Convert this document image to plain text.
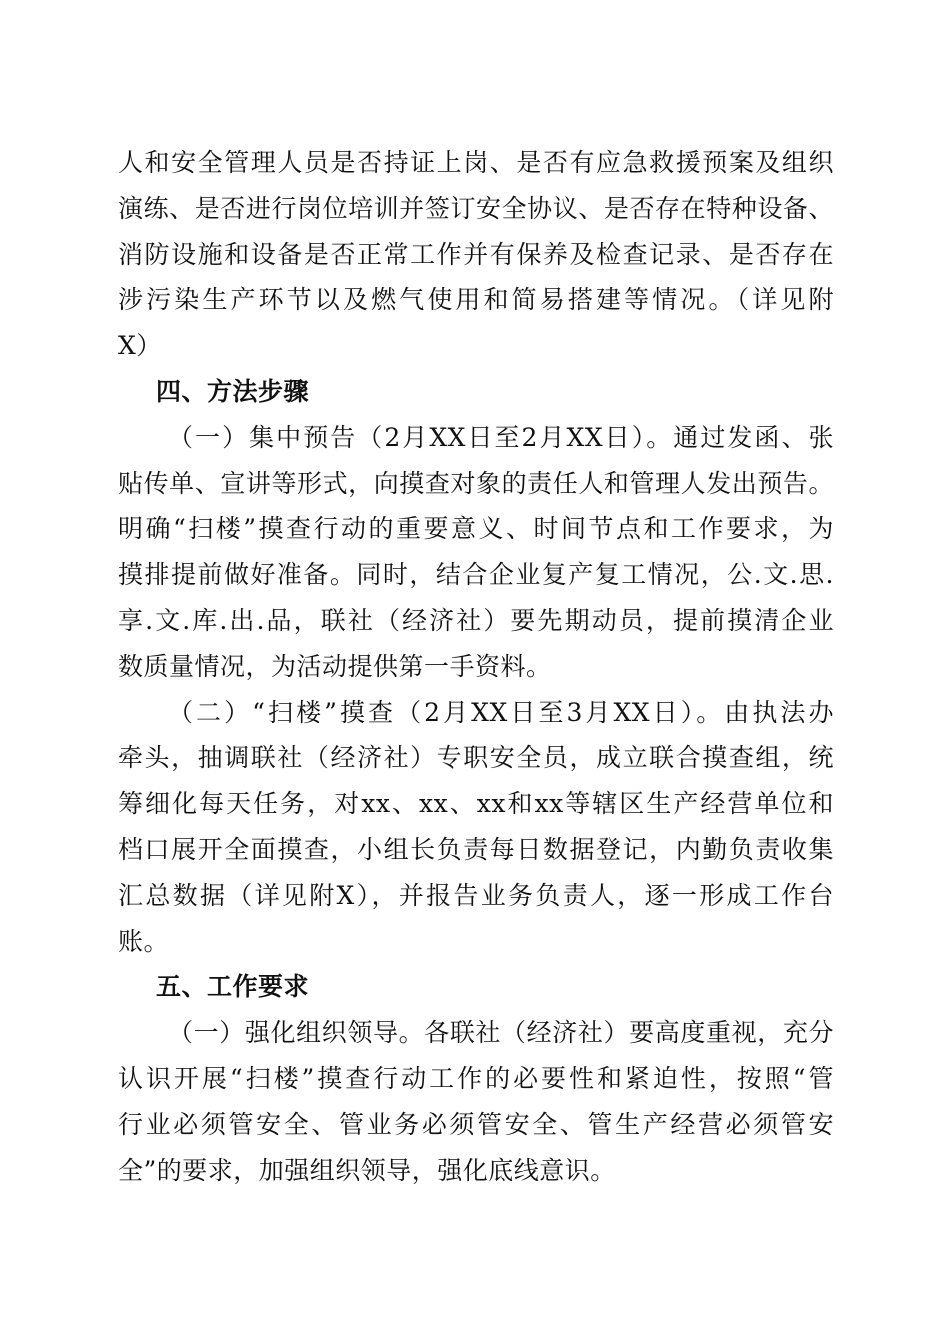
人和安全管理人员是否持证上岗、是否有应急救援预案及组织
演练、是否进行岗位培训并签订安全协议、是否存在特种设备、
消防设施和设备是否正常工作并有保养及检查记录、是否存在
涉污染生产环节以及燃气使用和简易搭建等情况。（详见附
X）
四、方法步骤
（一）集中预告（2月XX日至2月XX日）。通过发函、张
贴传单、宣讲等形式，向摸查对象的责任人和管理人发出预告。
明确“扫楼”摸查行动的重要意义、时间节点和工作要求，为
摸排提前做好准备。同时，结合企业复产复工情况，公.文.思.
享.文.库.出.品，联社（经济社）要先期动员，提前摸清企业
数质量情况，为活动提供第一手资料。
（二）“扫楼”摸查（2月XX日至3月XX日）。由执法办
牵头，抽调联社（经济社）专职安全员，成立联合摸查组，统
筹细化每天任务，对xx、xx、xx和xx等辖区生产经营单位和
档口展开全面摸查，小组长负责每日数据登记，内勤负责收集
汇总数据（详见附X），并报告业务负责人，逐一形成工作台
账。
五、工作要求
（一）强化组织领导。各联社（经济社）要高度重视，充分
认识开展“扫楼”摸查行动工作的必要性和紧迫性，按照“管
行业必须管安全、管业务必须管安全、管生产经营必须管安
全”的要求，加强组织领导，强化底线意识。
